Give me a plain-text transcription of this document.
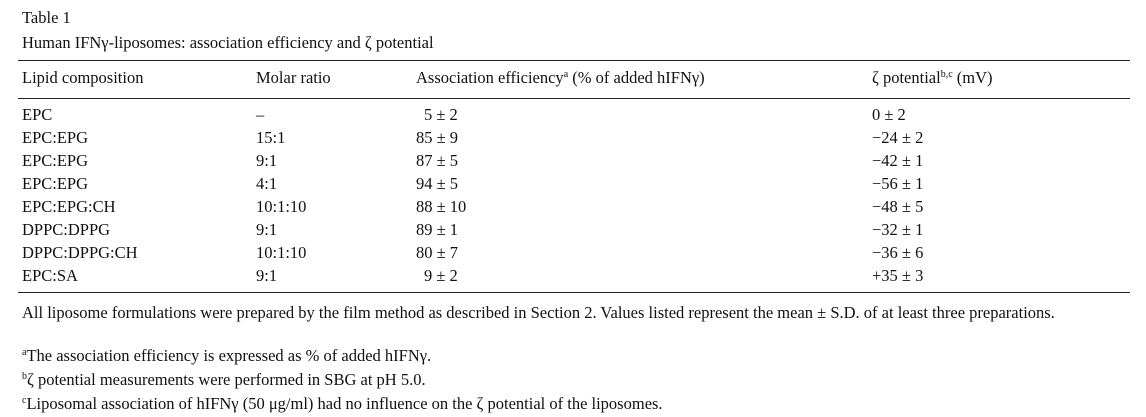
Table 1
Human IFNγ-liposomes: association efficiency and ζ potential
Lipid composition	Molar ratio	Association efficiency$^a$ (% of added hIFNγ)	ζ potential$^{b,c}$ (mV)
EPC	–	5 ± 2	0 ± 2
EPC:EPG	15:1	85 ± 9	−24 ± 2
EPC:EPG	9:1	87 ± 5	−42 ± 1
EPC:EPG	4:1	94 ± 5	−56 ± 1
EPC:EPG:CH	10:1:10	88 ± 10	−48 ± 5
DPPC:DPPG	9:1	89 ± 1	−32 ± 1
DPPC:DPPG:CH	10:1:10	80 ± 7	−36 ± 6
EPC:SA	9:1	9 ± 2	+35 ± 3
All liposome formulations were prepared by the film method as described in Section 2. Values listed represent the mean ± S.D. of at least three preparations.
$^a$The association efficiency is expressed as % of added hIFNγ.
$^b$ζ potential measurements were performed in SBG at pH 5.0.
$^c$Liposomal association of hIFNγ (50 μg/ml) had no influence on the ζ potential of the liposomes.
